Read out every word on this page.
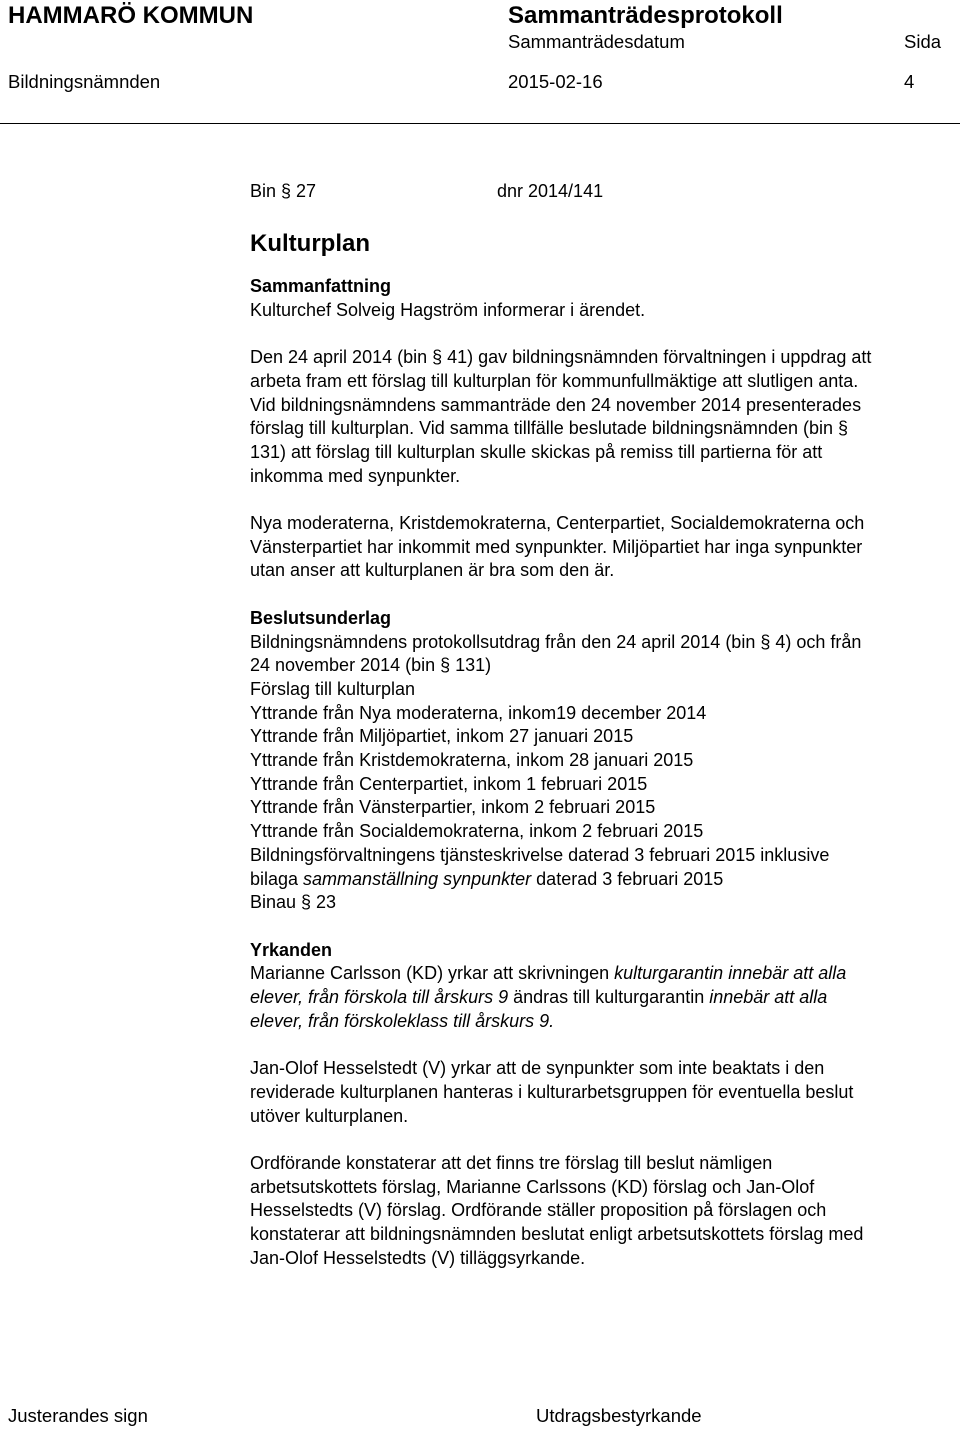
HAMMARÖ KOMMUN	Sammanträdesprotokoll
Sammanträdesdatum	Sida
Bildningsnämnden	2015-02-16	4
Bin § 27	dnr 2014/141

Kulturplan

Sammanfattning

Kulturchef Solveig Hagström informerar i ärendet.

Den 24 april 2014 (bin § 41) gav bildningsnämnden förvaltningen i uppdrag att arbeta fram ett förslag till kulturplan för kommunfullmäktige att slutligen anta. Vid bildningsnämndens sammanträde den 24 november 2014 presenterades förslag till kulturplan. Vid samma tillfälle beslutade bildningsnämnden (bin § 131) att förslag till kulturplan skulle skickas på remiss till partierna för att inkomma med synpunkter.

Nya moderaterna, Kristdemokraterna, Centerpartiet, Socialdemokraterna och Vänsterpartiet har inkommit med synpunkter. Miljöpartiet har inga synpunkter utan anser att kulturplanen är bra som den är.

Beslutsunderlag

Bildningsnämndens protokollsutdrag från den 24 april 2014 (bin § 4) och från 24 november 2014 (bin § 131)

Förslag till kulturplan

Yttrande från Nya moderaterna, inkom19 december 2014

Yttrande från Miljöpartiet, inkom 27 januari 2015

Yttrande från Kristdemokraterna, inkom 28 januari 2015

Yttrande från Centerpartiet, inkom 1 februari 2015

Yttrande från Vänsterpartier, inkom 2 februari 2015

Yttrande från Socialdemokraterna, inkom 2 februari 2015

Bildningsförvaltningens tjänsteskrivelse daterad 3 februari 2015 inklusive bilaga sammanställning synpunkter daterad 3 februari 2015

Binau § 23

Yrkanden

Marianne Carlsson (KD) yrkar att skrivningen kulturgarantin innebär att alla elever, från förskola till årskurs 9 ändras till kulturgarantin innebär att alla elever, från förskoleklass till årskurs 9.

Jan-Olof Hesselstedt (V) yrkar att de synpunkter som inte beaktats i den reviderade kulturplanen hanteras i kulturarbetsgruppen för eventuella beslut utöver kulturplanen.

Ordförande konstaterar att det finns tre förslag till beslut nämligen arbetsutskottets förslag, Marianne Carlssons (KD) förslag och Jan-Olof Hesselstedts (V) förslag. Ordförande ställer proposition på förslagen och konstaterar att bildningsnämnden beslutat enligt arbetsutskottets förslag med Jan-Olof Hesselstedts (V) tilläggsyrkande.

Justerandes sign	Utdragsbestyrkande
